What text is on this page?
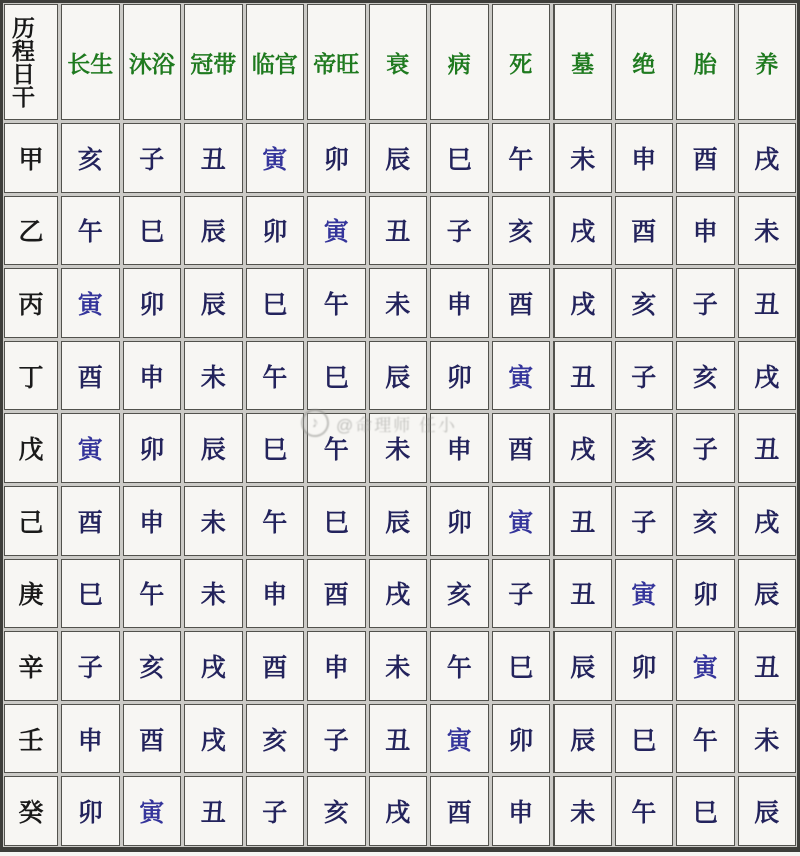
历程
日干
长生 沐浴 冠带 临官 帝旺 衰 病 死 墓 绝 胎 养
甲 亥 子 丑 寅 卯 辰 巳 午 未 申 酉 戌
乙 午 巳 辰 卯 寅 丑 子 亥 戌 酉 申 未
丙 寅 卯 辰 巳 午 未 申 酉 戌 亥 子 丑
丁 酉 申 未 午 巳 辰 卯 寅 丑 子 亥 戌
戊 寅 卯 辰 巳 午 未 申 酉 戌 亥 子 丑
己 酉 申 未 午 巳 辰 卯 寅 丑 子 亥 戌
庚 巳 午 未 申 酉 戌 亥 子 丑 寅 卯 辰
辛 子 亥 戌 酉 申 未 午 巳 辰 卯 寅 丑
壬 申 酉 戌 亥 子 丑 寅 卯 辰 巳 午 未
癸 卯 寅 丑 子 亥 戌 酉 申 未 午 巳 辰
♪ @命理师 任小
